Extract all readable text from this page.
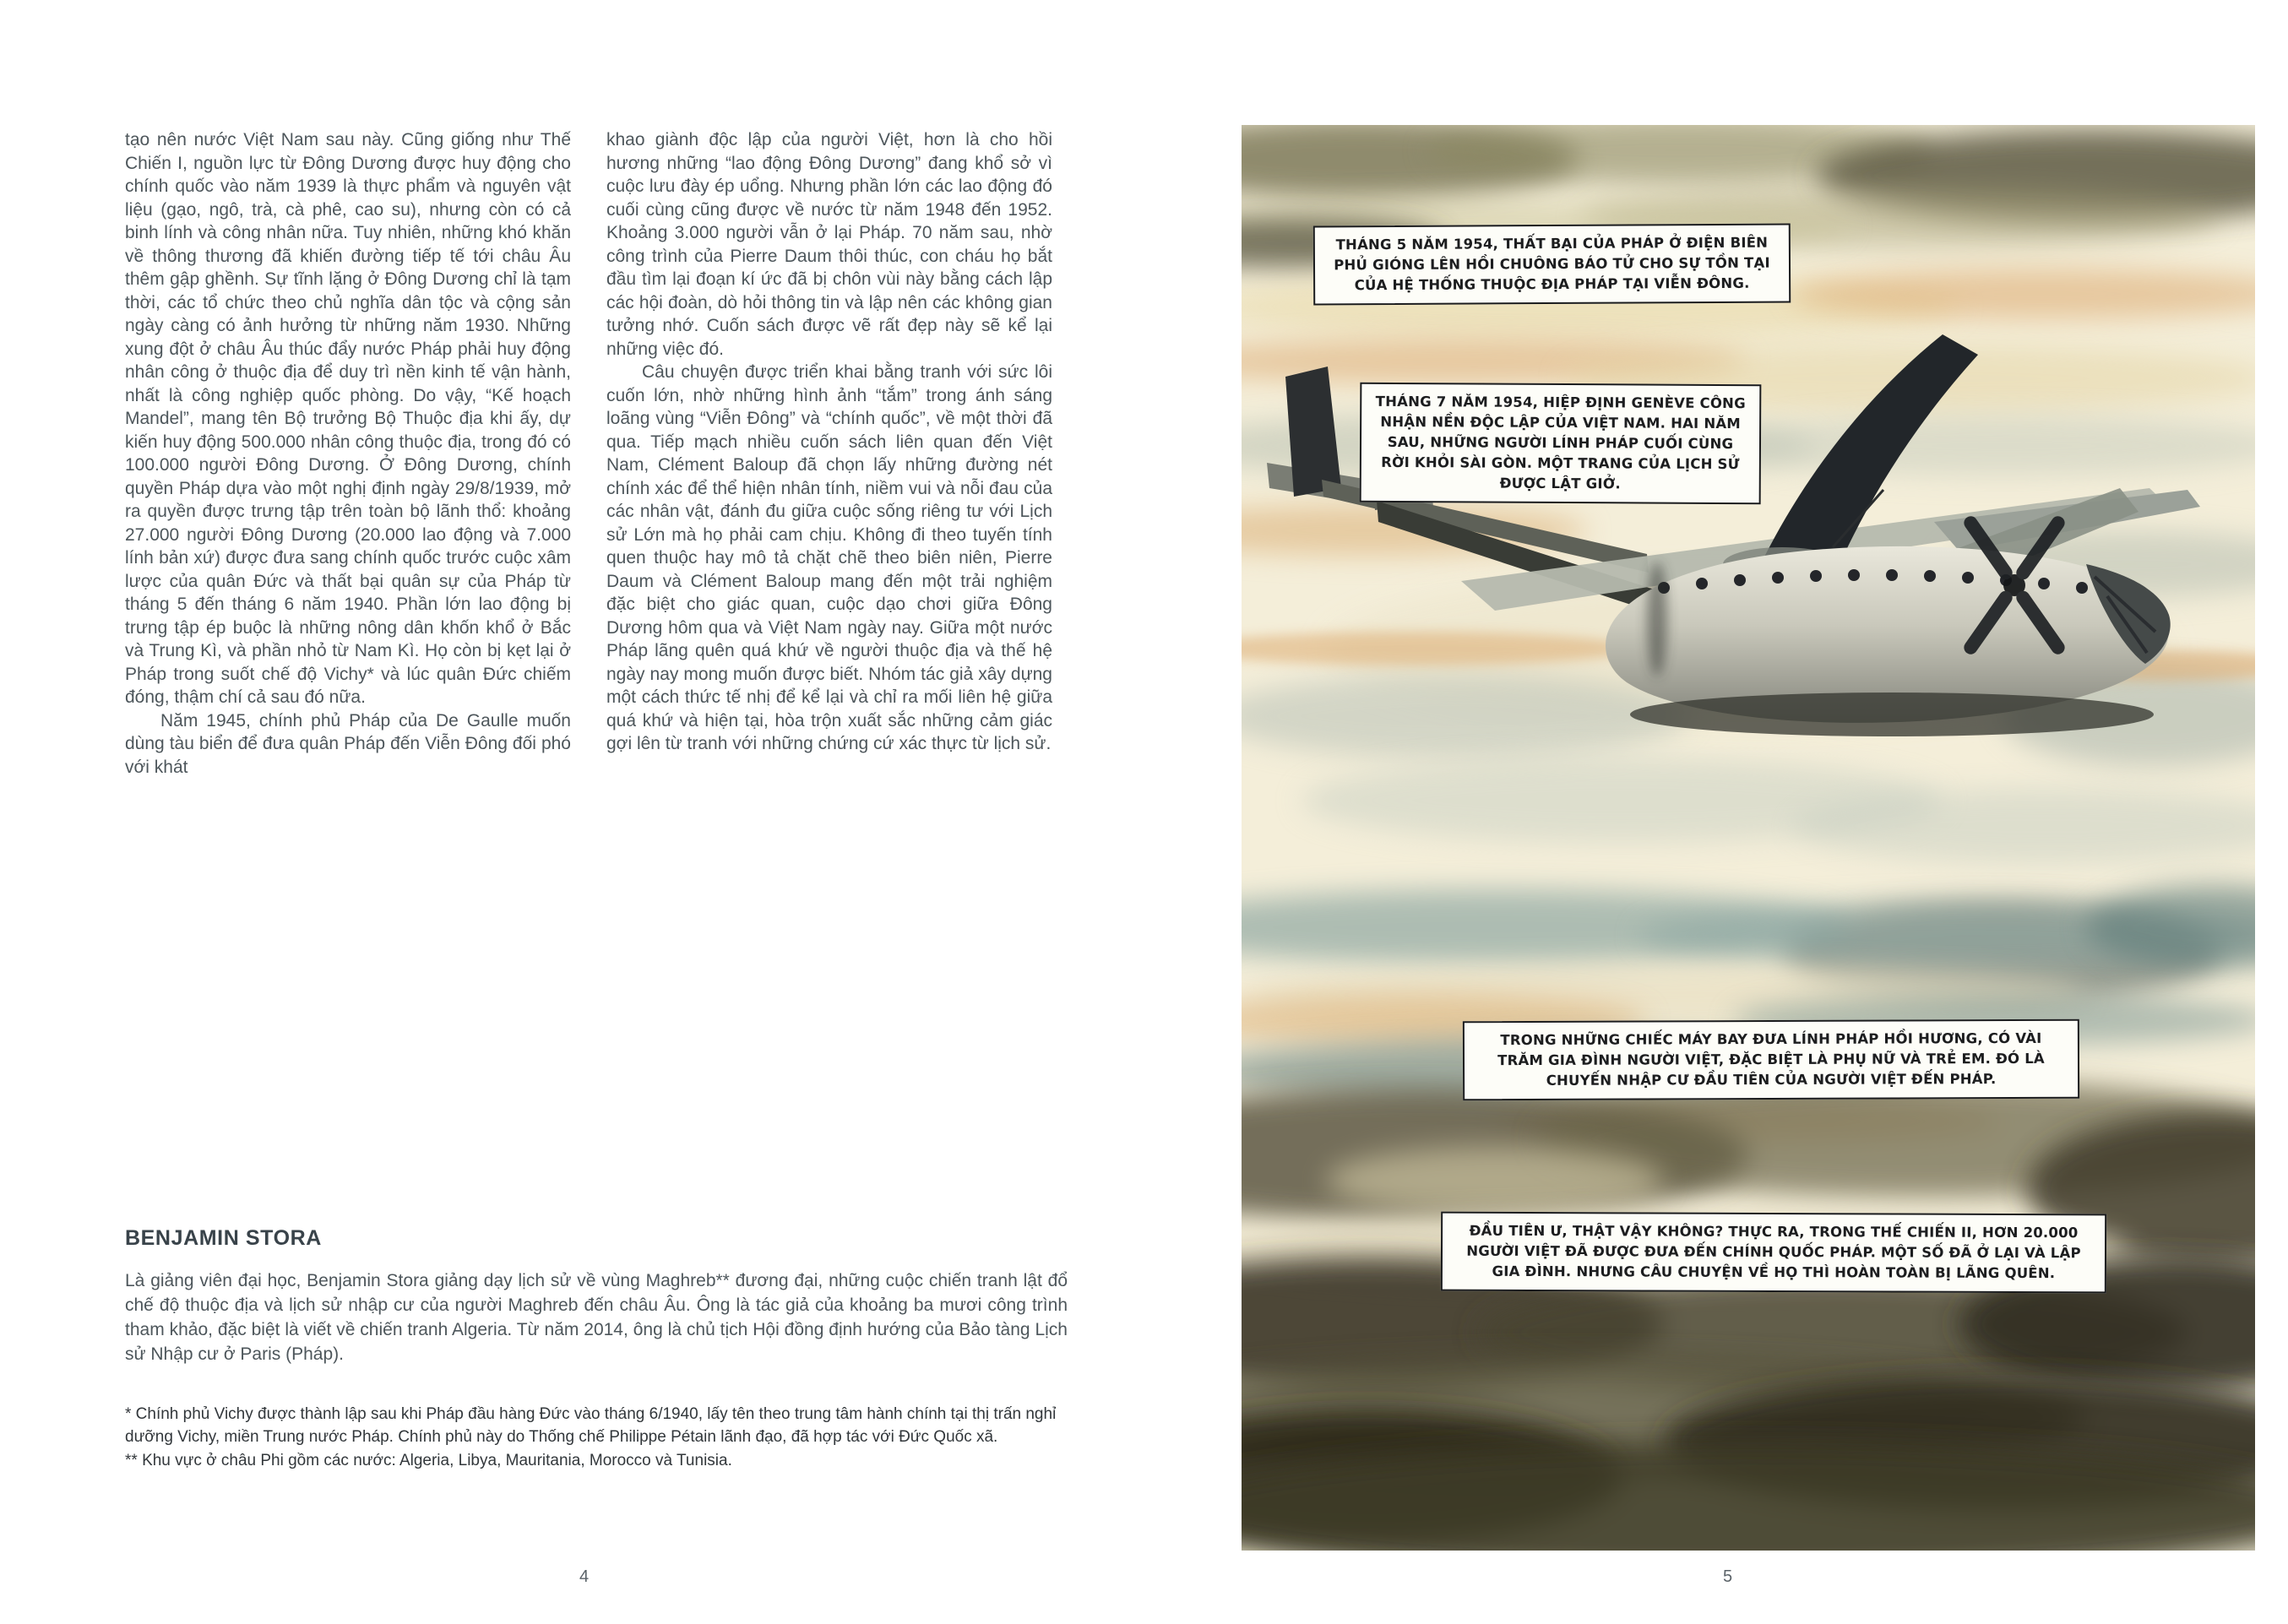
tạo nên nước Việt Nam sau này. Cũng giống như Thế Chiến I, nguồn lực từ Đông Dương được huy động cho chính quốc vào năm 1939 là thực phẩm và nguyên vật liệu (gạo, ngô, trà, cà phê, cao su), nhưng còn có cả binh lính và công nhân nữa. Tuy nhiên, những khó khăn về thông thương đã khiến đường tiếp tế tới châu Âu thêm gập ghềnh. Sự tĩnh lặng ở Đông Dương chỉ là tạm thời, các tổ chức theo chủ nghĩa dân tộc và cộng sản ngày càng có ảnh hưởng từ những năm 1930. Những xung đột ở châu Âu thúc đẩy nước Pháp phải huy động nhân công ở thuộc địa để duy trì nền kinh tế vận hành, nhất là công nghiệp quốc phòng. Do vậy, “Kế hoạch Mandel”, mang tên Bộ trưởng Bộ Thuộc địa khi ấy, dự kiến huy động 500.000 nhân công thuộc địa, trong đó có 100.000 người Đông Dương. Ở Đông Dương, chính quyền Pháp dựa vào một nghị định ngày 29/8/1939, mở ra quyền được trưng tập trên toàn bộ lãnh thổ: khoảng 27.000 người Đông Dương (20.000 lao động và 7.000 lính bản xứ) được đưa sang chính quốc trước cuộc xâm lược của quân Đức và thất bại quân sự của Pháp từ tháng 5 đến tháng 6 năm 1940. Phần lớn lao động bị trưng tập ép buộc là những nông dân khốn khổ ở Bắc và Trung Kì, và phần nhỏ từ Nam Kì. Họ còn bị kẹt lại ở Pháp trong suốt chế độ Vichy* và lúc quân Đức chiếm đóng, thậm chí cả sau đó nữa.

Năm 1945, chính phủ Pháp của De Gaulle muốn dùng tàu biển để đưa quân Pháp đến Viễn Đông đối phó với khát

khao giành độc lập của người Việt, hơn là cho hồi hương những “lao động Đông Dương” đang khổ sở vì cuộc lưu đày ép uổng. Nhưng phần lớn các lao động đó cuối cùng cũng được về nước từ năm 1948 đến 1952. Khoảng 3.000 người vẫn ở lại Pháp. 70 năm sau, nhờ công trình của Pierre Daum thôi thúc, con cháu họ bắt đầu tìm lại đoạn kí ức đã bị chôn vùi này bằng cách lập các hội đoàn, dò hỏi thông tin và lập nên các không gian tưởng nhớ. Cuốn sách được vẽ rất đẹp này sẽ kể lại những việc đó.

Câu chuyện được triển khai bằng tranh với sức lôi cuốn lớn, nhờ những hình ảnh “tắm” trong ánh sáng loãng vùng “Viễn Đông” và “chính quốc”, về một thời đã qua. Tiếp mạch nhiều cuốn sách liên quan đến Việt Nam, Clément Baloup đã chọn lấy những đường nét chính xác để thể hiện nhân tính, niềm vui và nỗi đau của các nhân vật, đánh đu giữa cuộc sống riêng tư với Lịch sử Lớn mà họ phải cam chịu. Không đi theo tuyến tính quen thuộc hay mô tả chặt chẽ theo biên niên, Pierre Daum và Clément Baloup mang đến một trải nghiệm đặc biệt cho giác quan, cuộc dạo chơi giữa Đông Dương hôm qua và Việt Nam ngày nay. Giữa một nước Pháp lãng quên quá khứ về người thuộc địa và thế hệ ngày nay mong muốn được biết. Nhóm tác giả xây dựng một cách thức tế nhị để kể lại và chỉ ra mối liên hệ giữa quá khứ và hiện tại, hòa trộn xuất sắc những cảm giác gợi lên từ tranh với những chứng cứ xác thực từ lịch sử.

BENJAMIN STORA
Là giảng viên đại học, Benjamin Stora giảng dạy lịch sử về vùng Maghreb** đương đại, những cuộc chiến tranh lật đổ chế độ thuộc địa và lịch sử nhập cư của người Maghreb đến châu Âu. Ông là tác giả của khoảng ba mươi công trình tham khảo, đặc biệt là viết về chiến tranh Algeria. Từ năm 2014, ông là chủ tịch Hội đồng định hướng của Bảo tàng Lịch sử Nhập cư ở Paris (Pháp).

* Chính phủ Vichy được thành lập sau khi Pháp đầu hàng Đức vào tháng 6/1940, lấy tên theo trung tâm hành chính tại thị trấn nghỉ dưỡng Vichy, miền Trung nước Pháp. Chính phủ này do Thống chế Philippe Pétain lãnh đạo, đã hợp tác với Đức Quốc xã.

** Khu vực ở châu Phi gồm các nước: Algeria, Libya, Mauritania, Morocco và Tunisia.

4
THÁNG 5 NĂM 1954, THẤT BẠI CỦA PHÁP Ở ĐIỆN BIÊN PHỦ GIÓNG LÊN HỒI CHUÔNG BÁO TỬ CHO SỰ TỒN TẠI CỦA HỆ THỐNG THUỘC ĐỊA PHÁP TẠI VIỄN ĐÔNG.
THÁNG 7 NĂM 1954, HIỆP ĐỊNH GENÈVE CÔNG NHẬN NỀN ĐỘC LẬP CỦA VIỆT NAM. HAI NĂM SAU, NHỮNG NGƯỜI LÍNH PHÁP CUỐI CÙNG RỜI KHỎI SÀI GÒN. MỘT TRANG CỦA LỊCH SỬ ĐƯỢC LẬT GIỞ.
TRONG NHỮNG CHIẾC MÁY BAY ĐƯA LÍNH PHÁP HỒI HƯƠNG, CÓ VÀI TRĂM GIA ĐÌNH NGƯỜI VIỆT, ĐẶC BIỆT LÀ PHỤ NỮ VÀ TRẺ EM. ĐÓ LÀ CHUYẾN NHẬP CƯ ĐẦU TIÊN CỦA NGƯỜI VIỆT ĐẾN PHÁP.
ĐẦU TIÊN Ư, THẬT VẬY KHÔNG? THỰC RA, TRONG THẾ CHIẾN II, HƠN 20.000 NGƯỜI VIỆT ĐÃ ĐƯỢC ĐƯA ĐẾN CHÍNH QUỐC PHÁP. MỘT SỐ ĐÃ Ở LẠI VÀ LẬP GIA ĐÌNH. NHƯNG CÂU CHUYỆN VỀ HỌ THÌ HOÀN TOÀN BỊ LÃNG QUÊN.
5
